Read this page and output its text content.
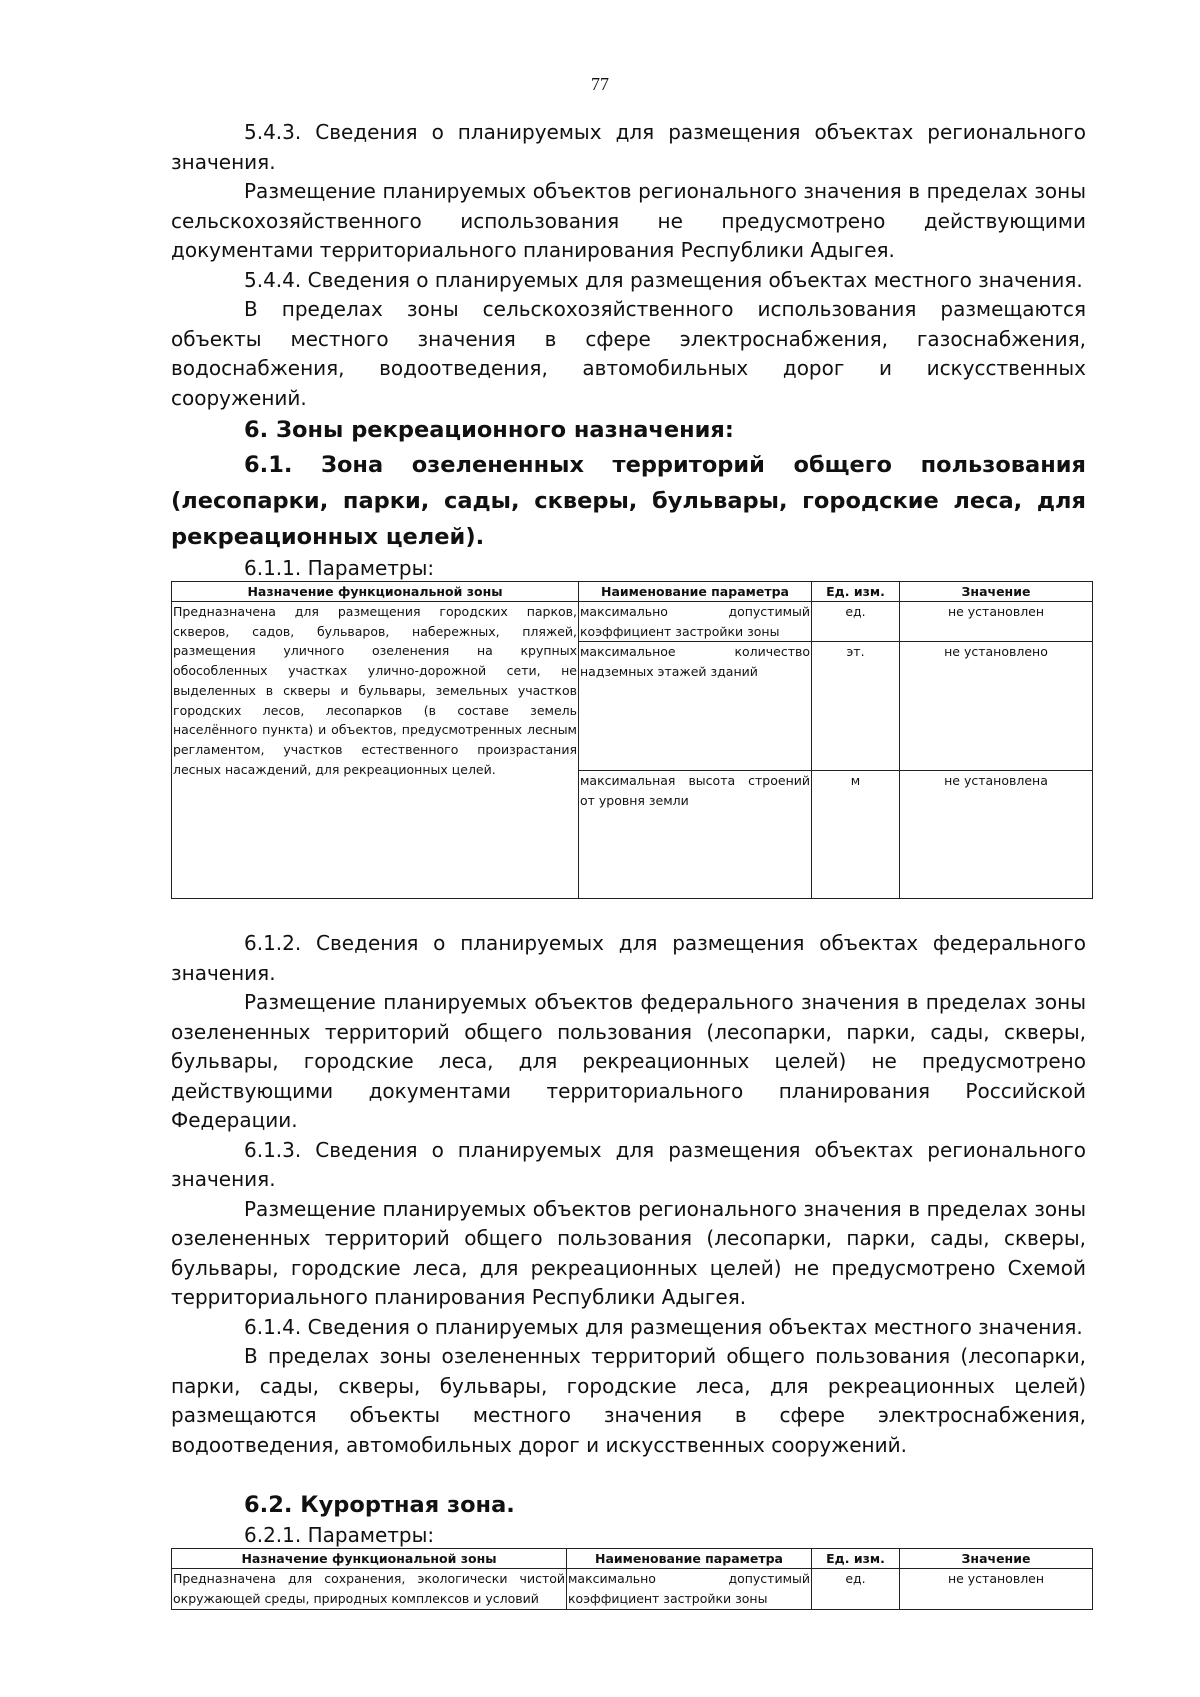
77

5.4.3. Сведения о планируемых для размещения объектах регионального значения.

Размещение планируемых объектов регионального значения в пределах зоны сельскохозяйственного использования не предусмотрено действующими документами территориального планирования Республики Адыгея.

5.4.4. Сведения о планируемых для размещения объектах местного значения.

В пределах зоны сельскохозяйственного использования размещаются объекты местного значения в сфере электроснабжения, газоснабжения, водоснабжения, водоотведения, автомобильных дорог и искусственных сооружений.

6. Зоны рекреационного назначения:

6.1. Зона озелененных территорий общего пользования (лесопарки, парки, сады, скверы, бульвары, городские леса, для рекреационных целей).

6.1.1. Параметры:

Назначение функциональной зоны	Наименование параметра	Ед. изм.	Значение
Предназначена для размещения городских парков, скверов, садов, бульваров, набережных, пляжей, размещения уличного озеленения на крупных обособленных участках улично-дорожной сети, не выделенных в скверы и бульвары, земельных участков городских лесов, лесопарков (в составе земель населённого пункта) и объектов, предусмотренных лесным регламентом, участков естественного произрастания лесных насаждений, для рекреационных целей.	максимально допустимый коэффициент застройки зоны	ед.	не установлен
	максимальное количество надземных этажей зданий	эт.	не установлено
	максимальная высота строений от уровня земли	м	не установлена

6.1.2. Сведения о планируемых для размещения объектах федерального значения.

Размещение планируемых объектов федерального значения в пределах зоны озелененных территорий общего пользования (лесопарки, парки, сады, скверы, бульвары, городские леса, для рекреационных целей) не предусмотрено действующими документами территориального планирования Российской Федерации.

6.1.3. Сведения о планируемых для размещения объектах регионального значения.

Размещение планируемых объектов регионального значения в пределах зоны озелененных территорий общего пользования (лесопарки, парки, сады, скверы, бульвары, городские леса, для рекреационных целей) не предусмотрено Схемой территориального планирования Республики Адыгея.

6.1.4. Сведения о планируемых для размещения объектах местного значения.

В пределах зоны озелененных территорий общего пользования (лесопарки, парки, сады, скверы, бульвары, городские леса, для рекреационных целей) размещаются объекты местного значения в сфере электроснабжения, водоотведения, автомобильных дорог и искусственных сооружений.

6.2. Курортная зона.

6.2.1. Параметры:

Назначение функциональной зоны	Наименование параметра	Ед. изм.	Значение
Предназначена для сохранения, экологически чистой окружающей среды, природных комплексов и условий	максимально допустимый коэффициент застройки зоны	ед.	не установлен
